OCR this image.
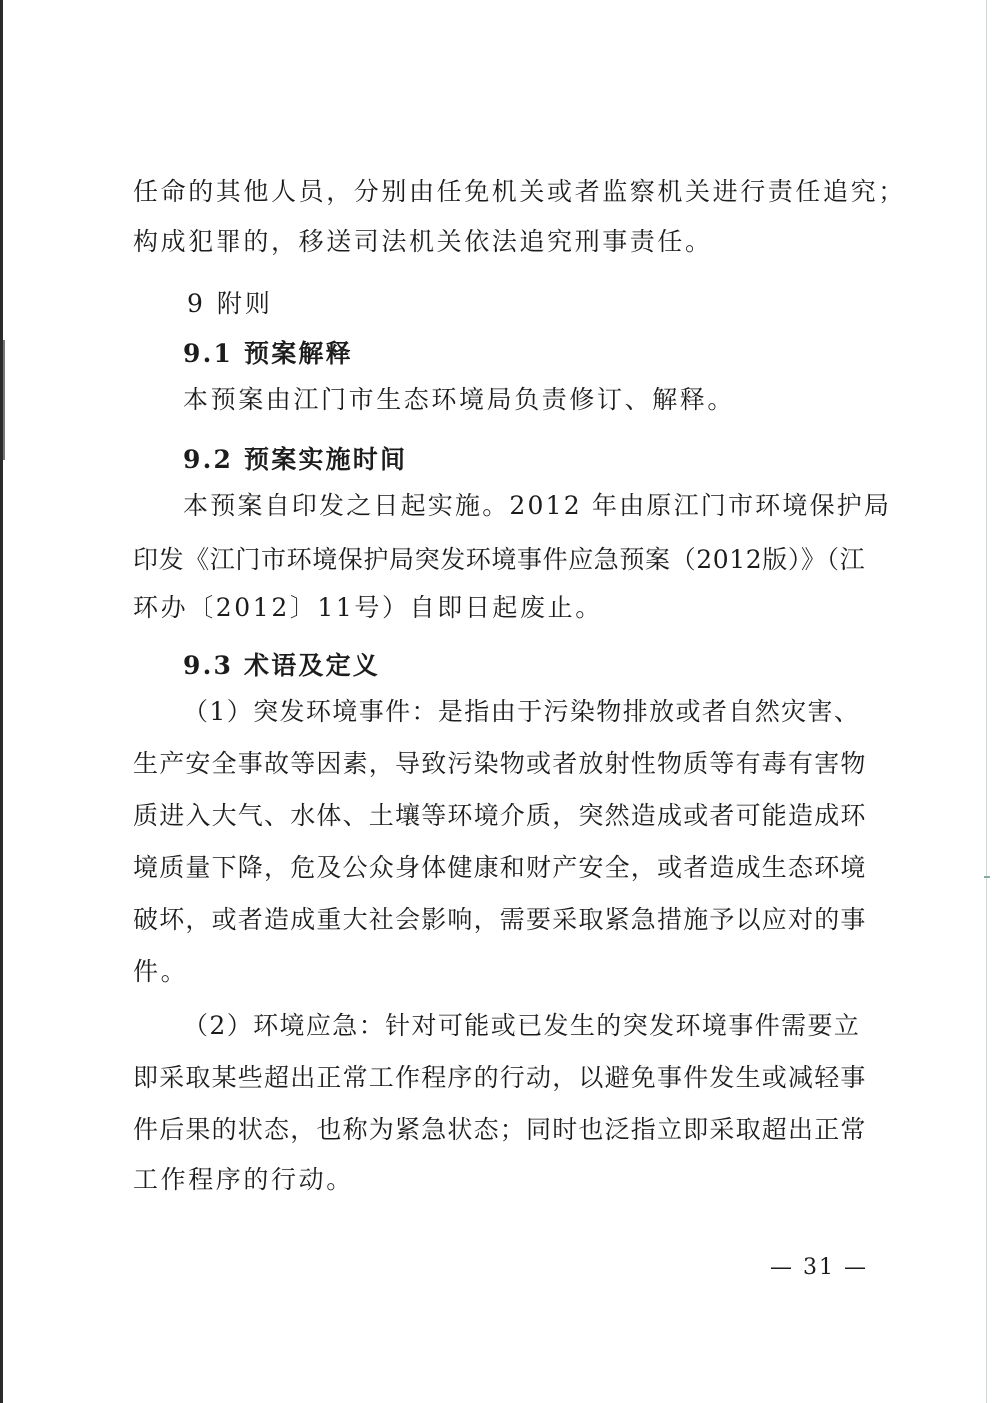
任命的其他人员，分别由任免机关或者监察机关进行责任追究；
构成犯罪的，移送司法机关依法追究刑事责任。
9 附则
9.1 预案解释
本预案由江门市生态环境局负责修订、解释。
9.2 预案实施时间
本预案自印发之日起实施。2012 年由原江门市环境保护局
印发《江门市环境保护局突发环境事件应急预案（2012版）》（江
环办〔2012〕11号）自即日起废止。
9.3 术语及定义
（1）突发环境事件：是指由于污染物排放或者自然灾害、
生产安全事故等因素，导致污染物或者放射性物质等有毒有害物
质进入大气、水体、土壤等环境介质，突然造成或者可能造成环
境质量下降，危及公众身体健康和财产安全，或者造成生态环境
破坏，或者造成重大社会影响，需要采取紧急措施予以应对的事
件。
（2）环境应急：针对可能或已发生的突发环境事件需要立
即采取某些超出正常工作程序的行动，以避免事件发生或减轻事
件后果的状态，也称为紧急状态；同时也泛指立即采取超出正常
工作程序的行动。
— 31 —
